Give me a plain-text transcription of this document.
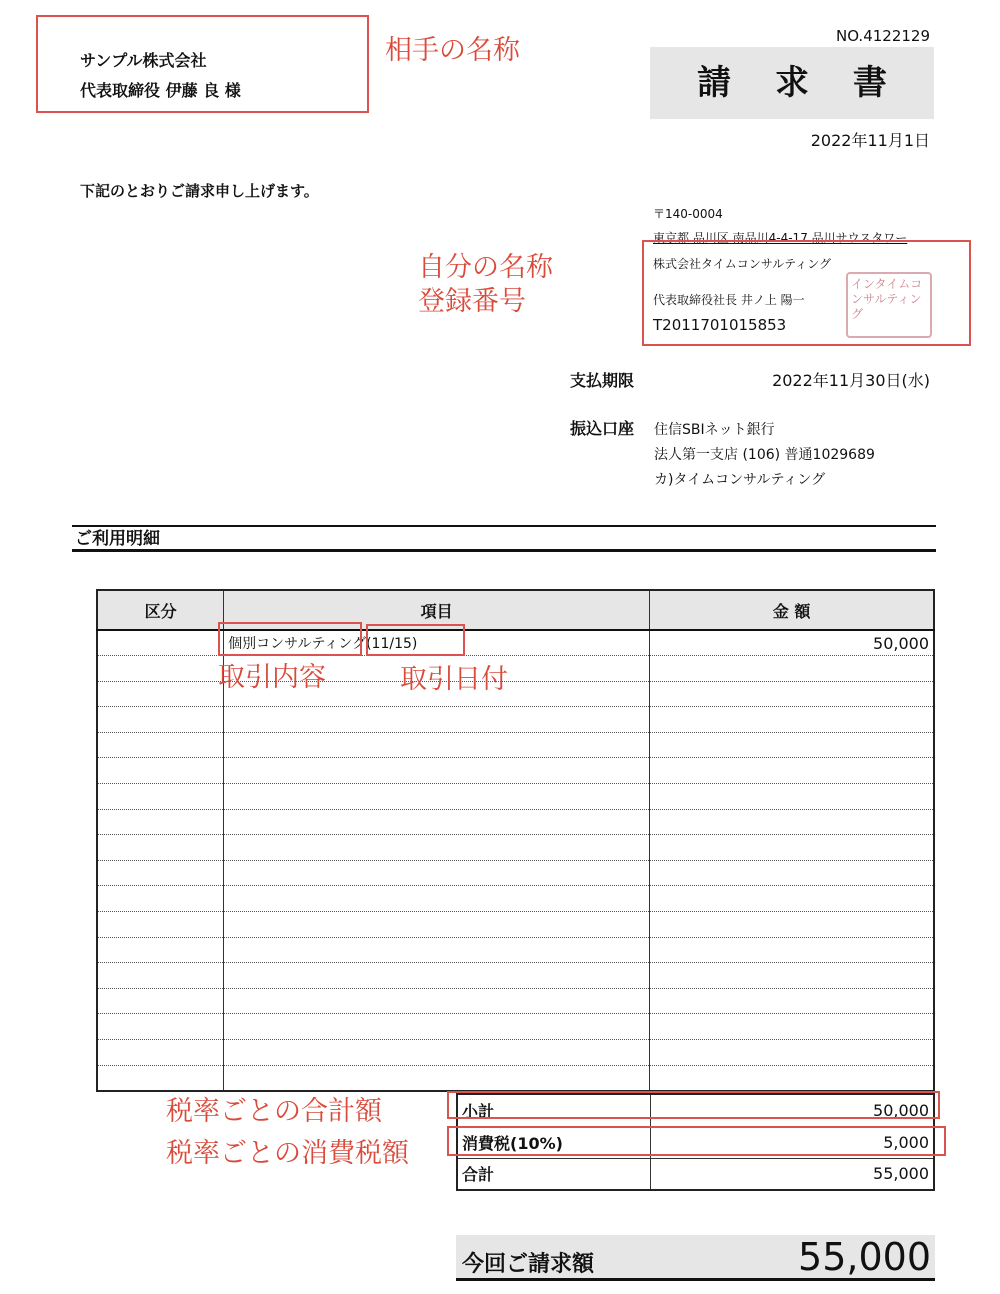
サンプル株式会社
代表取締役 伊藤 良 様
NO.4122129
請 求 書
2022年11月1日
下記のとおりご請求申し上げます。
〒140-0004
東京都 品川区 南品川4-4-17 品川サウスタワー
株式会社タイムコンサルティング
代表取締役社長 井ノ上 陽一
T2011701015853
インタイムコンサルティング
支払期限	2022年11月30日(水)
振込口座 住信SBIネット銀行
法人第一支店 (106) 普通1029689
カ)タイムコンサルティング
ご利用明細
区分	項目	金 額
	個別コンサルティング(11/15)	50,000

小計	50,000
消費税(10%)	5,000
合計	55,000
今回ご請求額	55,000
相手の名称
自分の名称
登録番号
取引内容	取引日付
税率ごとの合計額
税率ごとの消費税額
